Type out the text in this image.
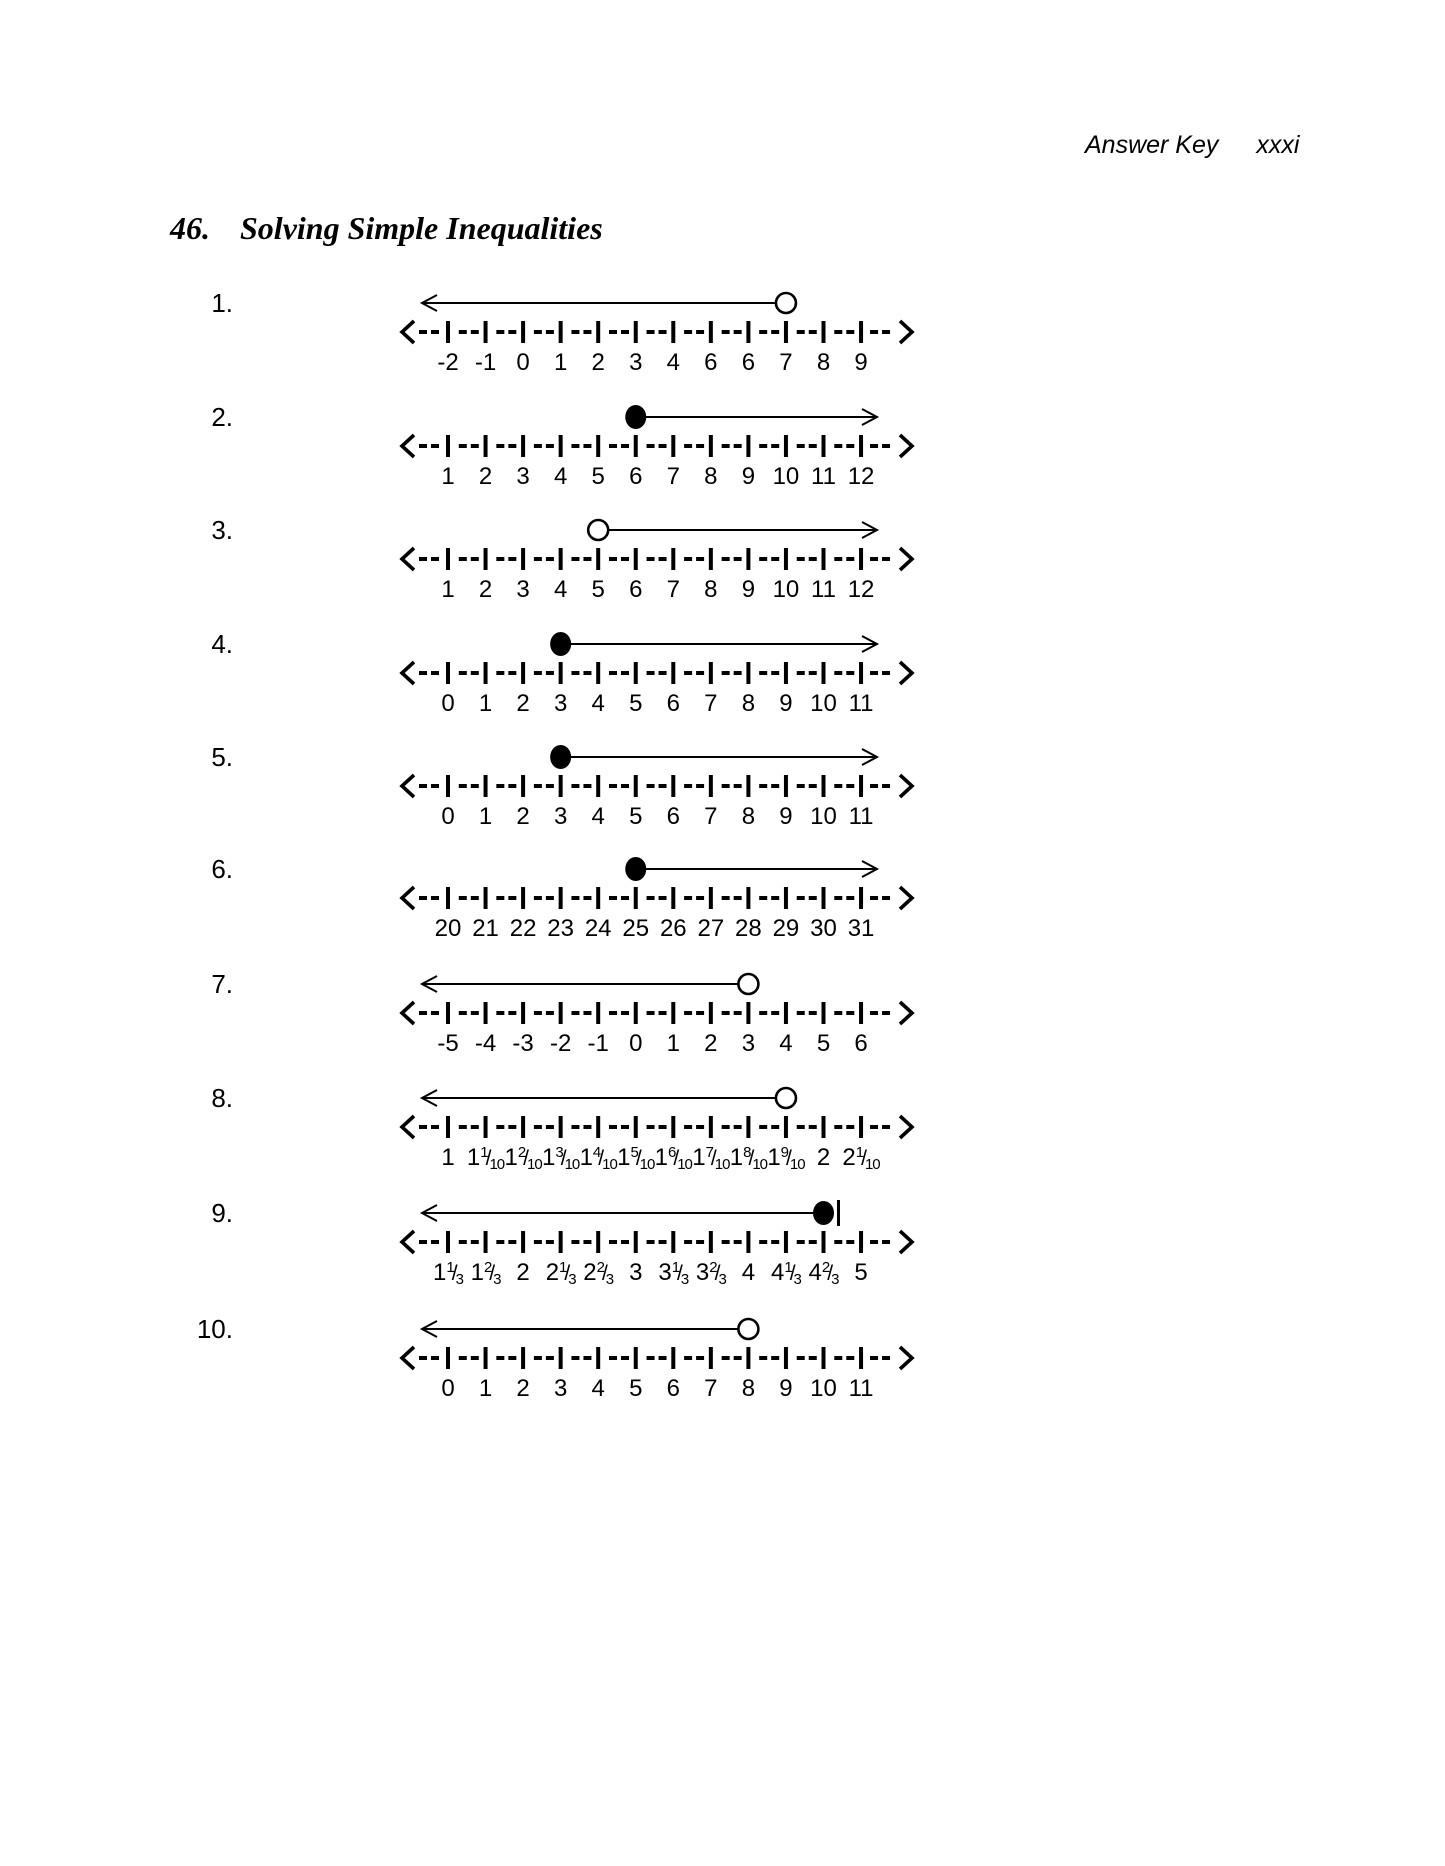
Answer Key xxxi
46. Solving Simple Inequalities
1.
-2 -1 0	1	2	3	4	6	6	7	8	9
2.
1	2	3	4	5	6	7	8	9 10 11 12
3.
1	2	3	4	5	6	7	8	9 10 11 12
4.
0	1	2	3	4	5	6	7	8	9 10 11
5.
0	1	2	3	4	5	6	7	8	9 10 11
6.
20 21 22 23 24 25 26 27 28 29 30 31
7.
-5 -4 -3 -2 -1 0	1	2	3	4	5	6
8.
1 $1^1/_{10}$ $1^2/_{10}$ $1^3/_{10}$ $1^4/_{10}$ $1^5/_{10}$ $1^6/_{10}$ $1^7/_{10}$ $1^8/_{10}$ $1^9/_{10}$ 2 $2^1/_{10}$
9.
$1^1/_3$ $1^2/_3$ 2 $2^1/_3$ $2^2/_3$ 3 $3^1/_3$ $3^2/_3$ 4 $4^1/_3$ $4^2/_3$ 5
10.
0	1	2	3	4	5	6	7	8	9 10 11
